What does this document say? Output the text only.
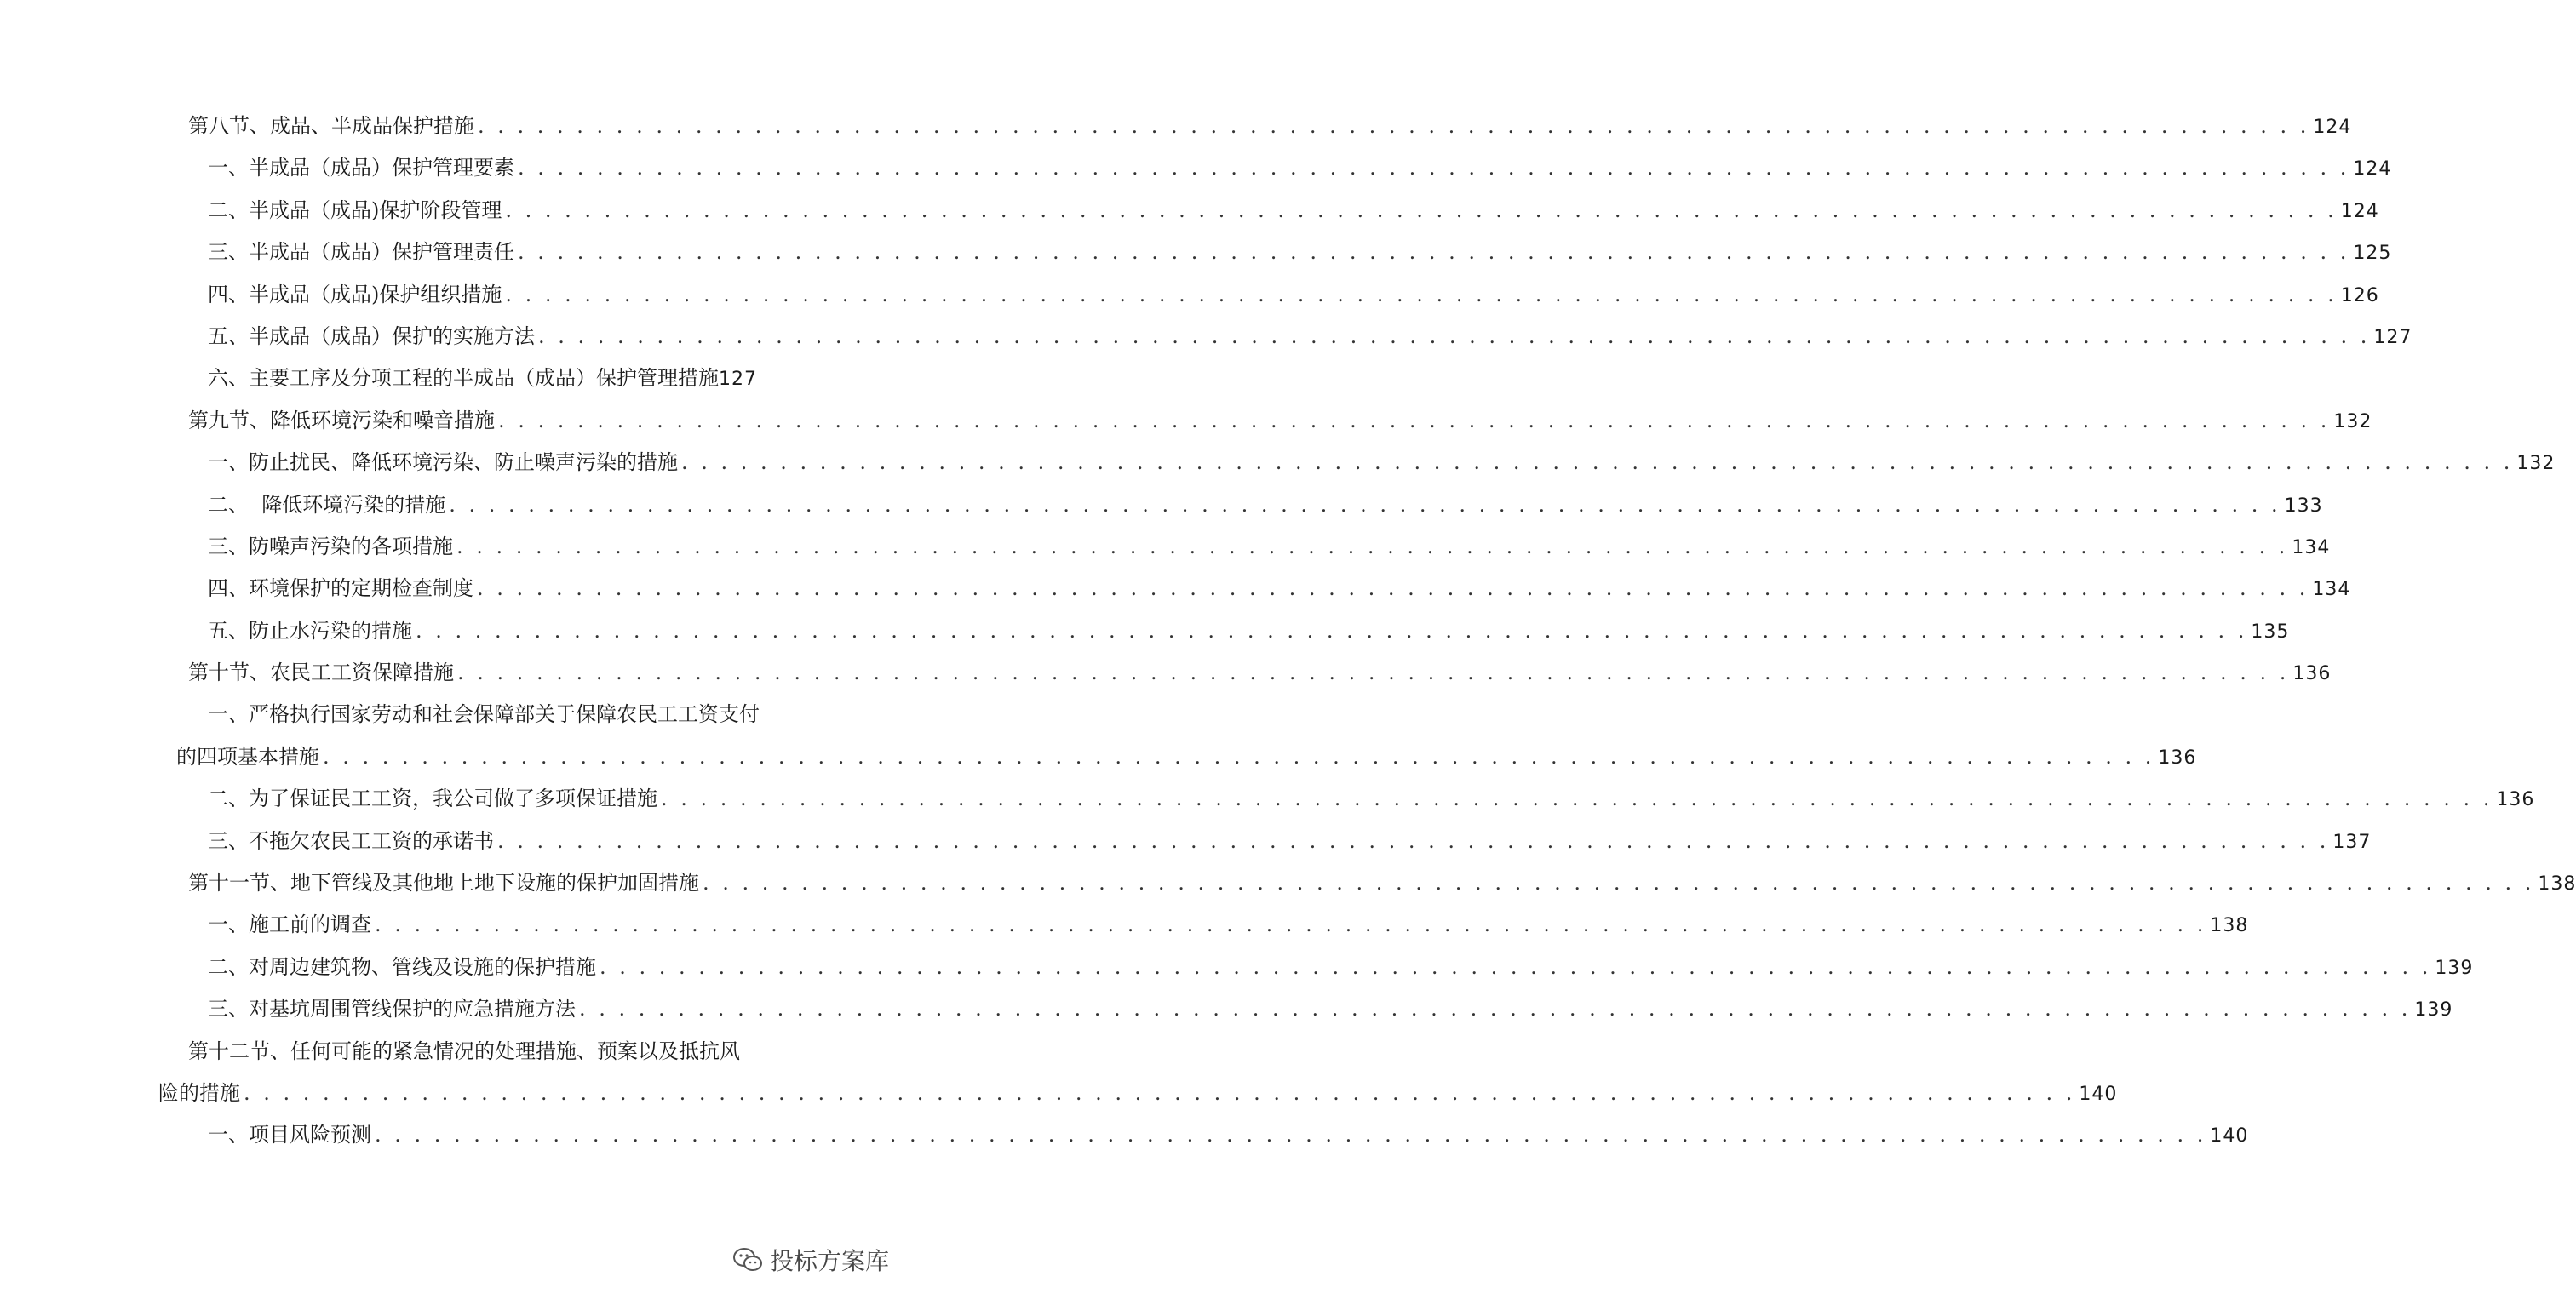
第八节、成品、半成品保护措施 . . . . . . . . . . . . . . . . . . . . . . . . . . . . . . . . . . . . . . . . . . . . . . . . . . . . . . . . . . . . . . . . . . . . . . . . . . . . . . . . . . . . . . . . . . . . . 124
一、半成品（成品）保护管理要素 . . . . . . . . . . . . . . . . . . . . . . . . . . . . . . . . . . . . . . . . . . . . . . . . . . . . . . . . . . . . . . . . . . . . . . . . . . . . . . . . . . . . . . . . . . . . . 124
二、半成品（成品)保护阶段管理 . . . . . . . . . . . . . . . . . . . . . . . . . . . . . . . . . . . . . . . . . . . . . . . . . . . . . . . . . . . . . . . . . . . . . . . . . . . . . . . . . . . . . . . . . . . . . 124
三、半成品（成品）保护管理责任 . . . . . . . . . . . . . . . . . . . . . . . . . . . . . . . . . . . . . . . . . . . . . . . . . . . . . . . . . . . . . . . . . . . . . . . . . . . . . . . . . . . . . . . . . . . . . 125
四、半成品（成品)保护组织措施 . . . . . . . . . . . . . . . . . . . . . . . . . . . . . . . . . . . . . . . . . . . . . . . . . . . . . . . . . . . . . . . . . . . . . . . . . . . . . . . . . . . . . . . . . . . . . 126
五、半成品（成品）保护的实施方法 . . . . . . . . . . . . . . . . . . . . . . . . . . . . . . . . . . . . . . . . . . . . . . . . . . . . . . . . . . . . . . . . . . . . . . . . . . . . . . . . . . . . . . . . . . . . . 127
六、主要工序及分项工程的半成品（成品）保护管理措施 127
第九节、降低环境污染和噪音措施 . . . . . . . . . . . . . . . . . . . . . . . . . . . . . . . . . . . . . . . . . . . . . . . . . . . . . . . . . . . . . . . . . . . . . . . . . . . . . . . . . . . . . . . . . . . . . 132
一、防止扰民、降低环境污染、防止噪声污染的措施 . . . . . . . . . . . . . . . . . . . . . . . . . . . . . . . . . . . . . . . . . . . . . . . . . . . . . . . . . . . . . . . . . . . . . . . . . . . . . . . . . . . . . . . . . . . . . 132
二、  降低环境污染的措施 . . . . . . . . . . . . . . . . . . . . . . . . . . . . . . . . . . . . . . . . . . . . . . . . . . . . . . . . . . . . . . . . . . . . . . . . . . . . . . . . . . . . . . . . . . . . . 133
三、防噪声污染的各项措施 . . . . . . . . . . . . . . . . . . . . . . . . . . . . . . . . . . . . . . . . . . . . . . . . . . . . . . . . . . . . . . . . . . . . . . . . . . . . . . . . . . . . . . . . . . . . . 134
四、环境保护的定期检查制度 . . . . . . . . . . . . . . . . . . . . . . . . . . . . . . . . . . . . . . . . . . . . . . . . . . . . . . . . . . . . . . . . . . . . . . . . . . . . . . . . . . . . . . . . . . . . . 134
五、防止水污染的措施 . . . . . . . . . . . . . . . . . . . . . . . . . . . . . . . . . . . . . . . . . . . . . . . . . . . . . . . . . . . . . . . . . . . . . . . . . . . . . . . . . . . . . . . . . . . . . 135
第十节、农民工工资保障措施 . . . . . . . . . . . . . . . . . . . . . . . . . . . . . . . . . . . . . . . . . . . . . . . . . . . . . . . . . . . . . . . . . . . . . . . . . . . . . . . . . . . . . . . . . . . . . 136
一、严格执行国家劳动和社会保障部关于保障农民工工资支付
的四项基本措施 . . . . . . . . . . . . . . . . . . . . . . . . . . . . . . . . . . . . . . . . . . . . . . . . . . . . . . . . . . . . . . . . . . . . . . . . . . . . . . . . . . . . . . . . . . . . . 136
二、为了保证民工工资，我公司做了多项保证措施 . . . . . . . . . . . . . . . . . . . . . . . . . . . . . . . . . . . . . . . . . . . . . . . . . . . . . . . . . . . . . . . . . . . . . . . . . . . . . . . . . . . . . . . . . . . . . 136
三、不拖欠农民工工资的承诺书 . . . . . . . . . . . . . . . . . . . . . . . . . . . . . . . . . . . . . . . . . . . . . . . . . . . . . . . . . . . . . . . . . . . . . . . . . . . . . . . . . . . . . . . . . . . . . 137
第十一节、地下管线及其他地上地下设施的保护加固措施 . . . . . . . . . . . . . . . . . . . . . . . . . . . . . . . . . . . . . . . . . . . . . . . . . . . . . . . . . . . . . . . . . . . . . . . . . . . . . . . . . . . . . . . . . . . . . 138
一、施工前的调查 . . . . . . . . . . . . . . . . . . . . . . . . . . . . . . . . . . . . . . . . . . . . . . . . . . . . . . . . . . . . . . . . . . . . . . . . . . . . . . . . . . . . . . . . . . . . . 138
二、对周边建筑物、管线及设施的保护措施 . . . . . . . . . . . . . . . . . . . . . . . . . . . . . . . . . . . . . . . . . . . . . . . . . . . . . . . . . . . . . . . . . . . . . . . . . . . . . . . . . . . . . . . . . . . . . 139
三、对基坑周围管线保护的应急措施方法 . . . . . . . . . . . . . . . . . . . . . . . . . . . . . . . . . . . . . . . . . . . . . . . . . . . . . . . . . . . . . . . . . . . . . . . . . . . . . . . . . . . . . . . . . . . . . 139
第十二节、任何可能的紧急情况的处理措施、预案以及抵抗风
险的措施 . . . . . . . . . . . . . . . . . . . . . . . . . . . . . . . . . . . . . . . . . . . . . . . . . . . . . . . . . . . . . . . . . . . . . . . . . . . . . . . . . . . . . . . . . . . . . 140
一、项目风险预测 . . . . . . . . . . . . . . . . . . . . . . . . . . . . . . . . . . . . . . . . . . . . . . . . . . . . . . . . . . . . . . . . . . . . . . . . . . . . . . . . . . . . . . . . . . . . . 140
投标方案库
